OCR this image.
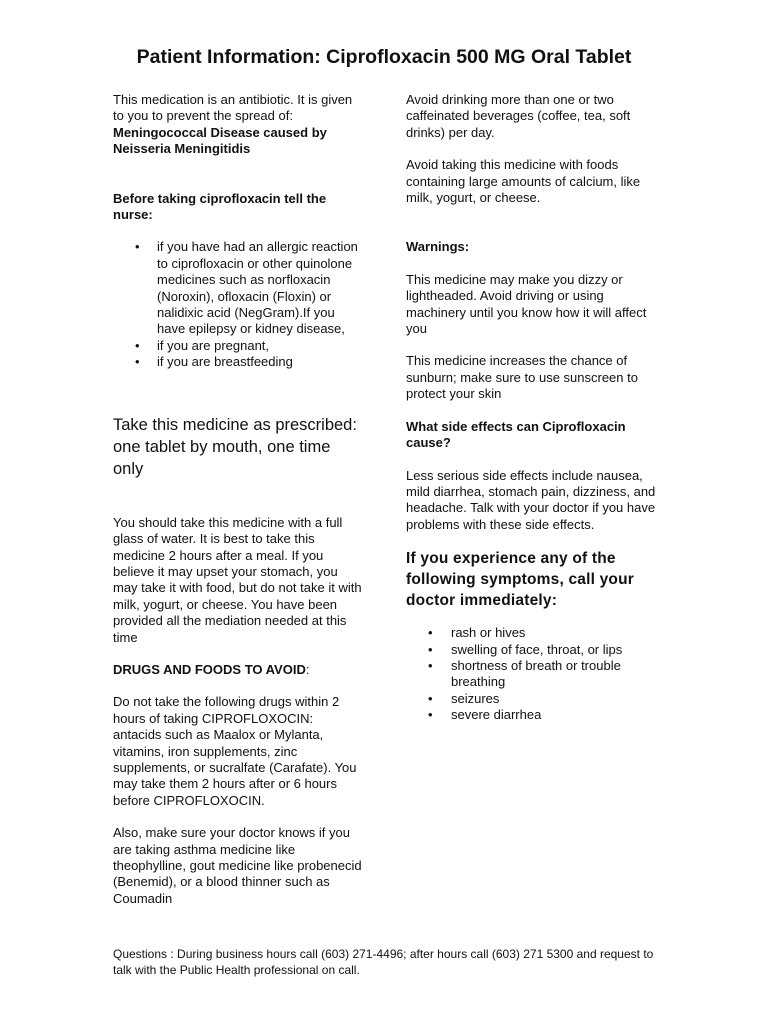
Patient Information: Ciprofloxacin 500 MG Oral Tablet

This medication is an antibiotic. It is given to you to prevent the spread of:

Meningococcal Disease caused by Neisseria Meningitidis

Before taking ciprofloxacin tell the nurse:

• if you have had an allergic reaction to ciprofloxacin or other quinolone medicines such as norfloxacin (Noroxin), ofloxacin (Floxin) or nalidixic acid (NegGram).If you have epilepsy or kidney disease,
• if you are pregnant,
• if you are breastfeeding

Take this medicine as prescribed: one tablet by mouth, one time only

You should take this medicine with a full glass of water. It is best to take this medicine 2 hours after a meal. If you believe it may upset your stomach, you may take it with food, but do not take it with milk, yogurt, or cheese. You have been provided all the mediation needed at this time

DRUGS AND FOODS TO AVOID:

Do not take the following drugs within 2 hours of taking CIPROFLOXOCIN: antacids such as Maalox or Mylanta, vitamins, iron supplements, zinc supplements, or sucralfate (Carafate). You may take them 2 hours after or 6 hours before CIPROFLOXOCIN.

Also, make sure your doctor knows if you are taking asthma medicine like theophylline, gout medicine like probenecid (Benemid), or a blood thinner such as Coumadin

Avoid drinking more than one or two caffeinated beverages (coffee, tea, soft drinks) per day.

Avoid taking this medicine with foods containing large amounts of calcium, like milk, yogurt, or cheese.

Warnings:

This medicine may make you dizzy or lightheaded. Avoid driving or using machinery until you know how it will affect you

This medicine increases the chance of sunburn; make sure to use sunscreen to protect your skin

What side effects can Ciprofloxacin cause?

Less serious side effects include nausea, mild diarrhea, stomach pain, dizziness, and headache. Talk with your doctor if you have problems with these side effects.

If you experience any of the following symptoms, call your doctor immediately:

• rash or hives
• swelling of face, throat, or lips
• shortness of breath or trouble breathing
• seizures
• severe diarrhea
Questions : During business hours call (603) 271-4496; after hours call (603) 271 5300 and request to talk with the Public Health professional on call.
